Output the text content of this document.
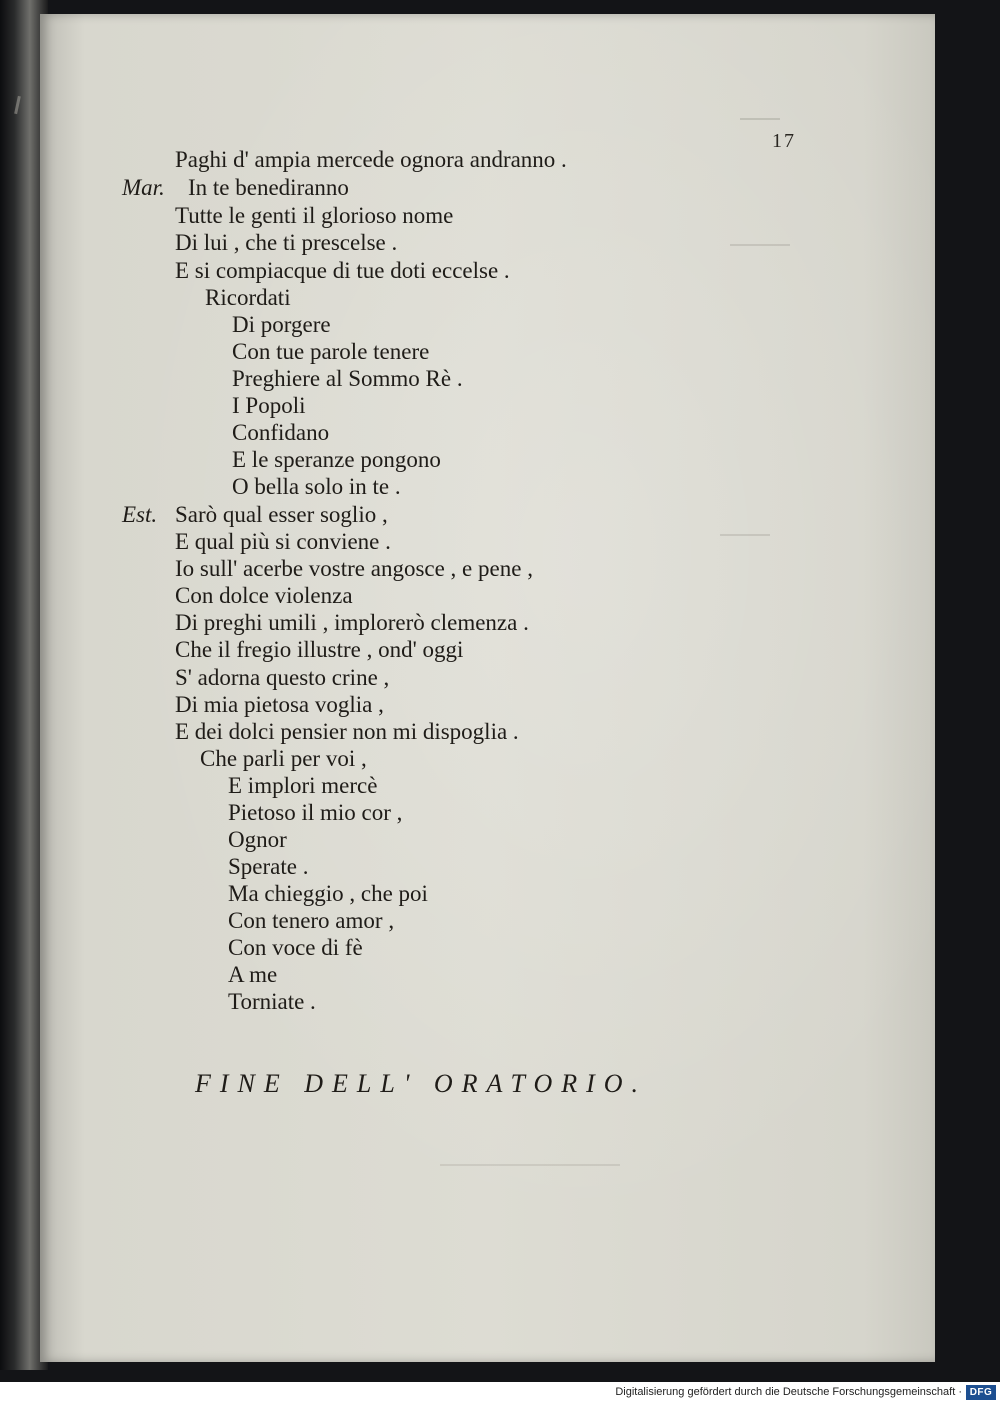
17
Paghi d' ampia mercede ognora andranno .
Mar. In te benediranno
Tutte le genti il glorioso nome
Di lui , che ti prescelse .
E si compiacque di tue doti eccelse .
Ricordati
Di porgere
Con tue parole tenere
Preghiere al Sommo Rè .
I Popoli
Confidano
E le speranze pongono
O bella solo in te .
Est. Sarò qual esser soglio ,
E qual più si conviene .
Io sull' acerbe vostre angosce , e pene ,
Con dolce violenza
Di preghi umili , implorerò clemenza .
Che il fregio illustre , ond' oggi
S' adorna questo crine ,
Di mia pietosa voglia ,
E dei dolci pensier non mi dispoglia .
Che parli per voi ,
E implori mercè
Pietoso il mio cor ,
Ognor
Sperate .
Ma chieggio , che poi
Con tenero amor ,
Con voce di fè
A me
Torniate .
FINE DELL' ORATORIO.
Digitalisierung gefördert durch die Deutsche Forschungsgemeinschaft · DFG
